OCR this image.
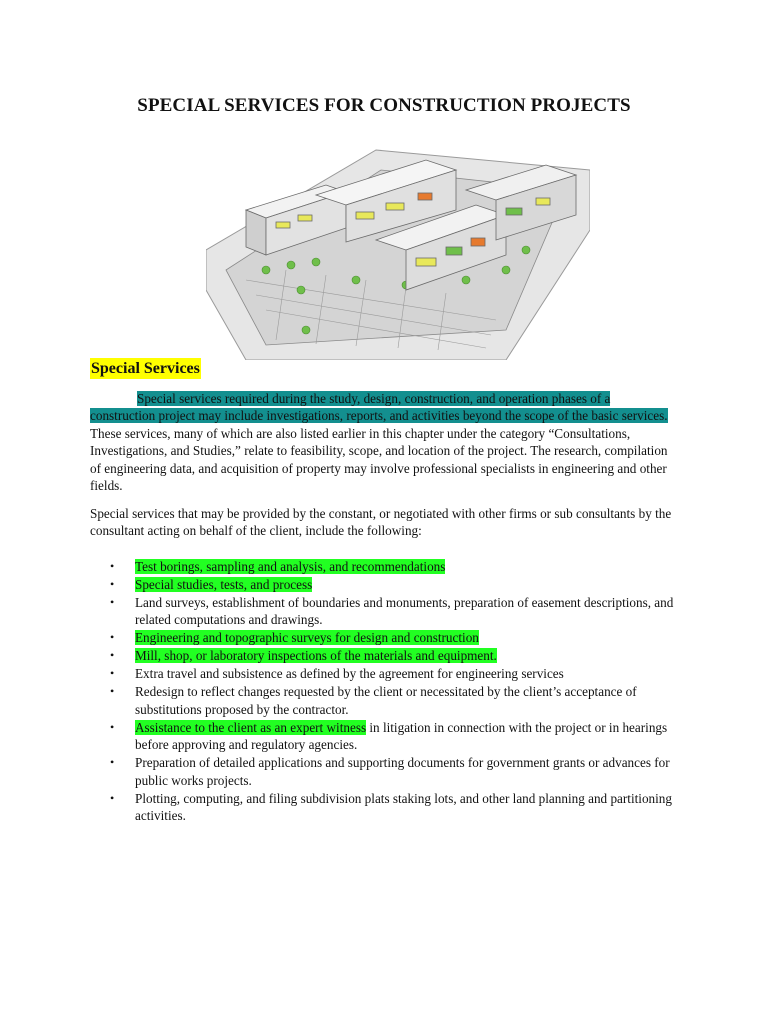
SPECIAL SERVICES FOR CONSTRUCTION PROJECTS
Special Services
Special services required during the study, design, construction, and operation phases of a construction project may include investigations, reports, and activities beyond the scope of the basic services. These services, many of which are also listed earlier in this chapter under the category “Consultations, Investigations, and Studies,” relate to feasibility, scope, and location of the project. The research, compilation of engineering data, and acquisition of property may involve professional specialists in engineering and other fields.
Special services that may be provided by the constant, or negotiated with other firms or sub consultants by the consultant acting on behalf of the client, include the following:
• Test borings, sampling and analysis, and recommendations
• Special studies, tests, and process
• Land surveys, establishment of boundaries and monuments, preparation of easement descriptions, and related computations and drawings.
• Engineering and topographic surveys for design and construction
• Mill, shop, or laboratory inspections of the materials and equipment.
• Extra travel and subsistence as defined by the agreement for engineering services
• Redesign to reflect changes requested by the client or necessitated by the client’s acceptance of substitutions proposed by the contractor.
• Assistance to the client as an expert witness in litigation in connection with the project or in hearings before approving and regulatory agencies.
• Preparation of detailed applications and supporting documents for government grants or advances for public works projects.
• Plotting, computing, and filing subdivision plats staking lots, and other land planning and partitioning activities.
